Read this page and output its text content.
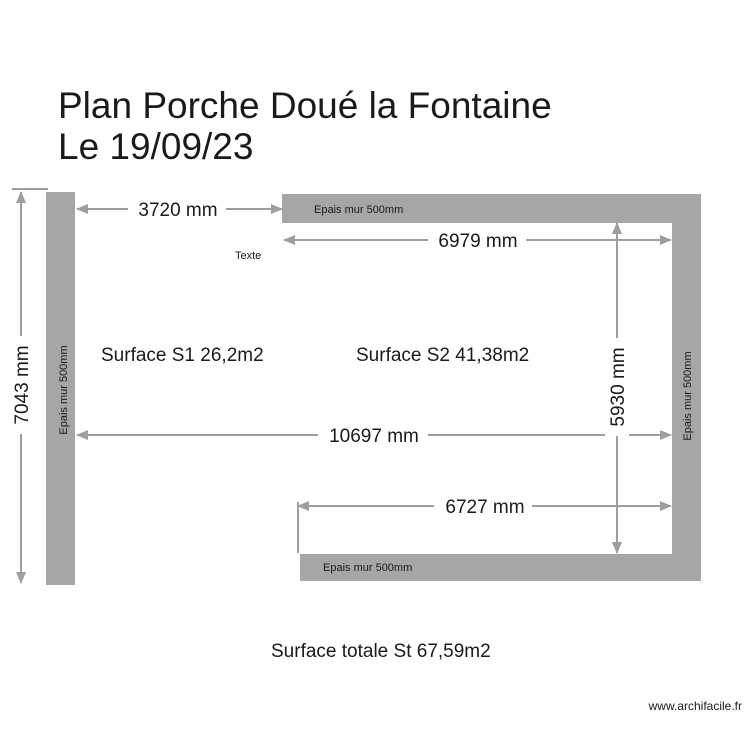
Plan Porche Doué la Fontaine
Le 19/09/23
Epais mur 500mm
Epais mur 500mm
Epais mur 500mm	Epais mur 500mm
3720 mm
6979 mm
10697 mm
6727 mm
7043 mm	5930 mm
Texte
Surface S1 26,2m2	Surface S2 41,38m2
Surface totale St 67,59m2
www.archifacile.fr
